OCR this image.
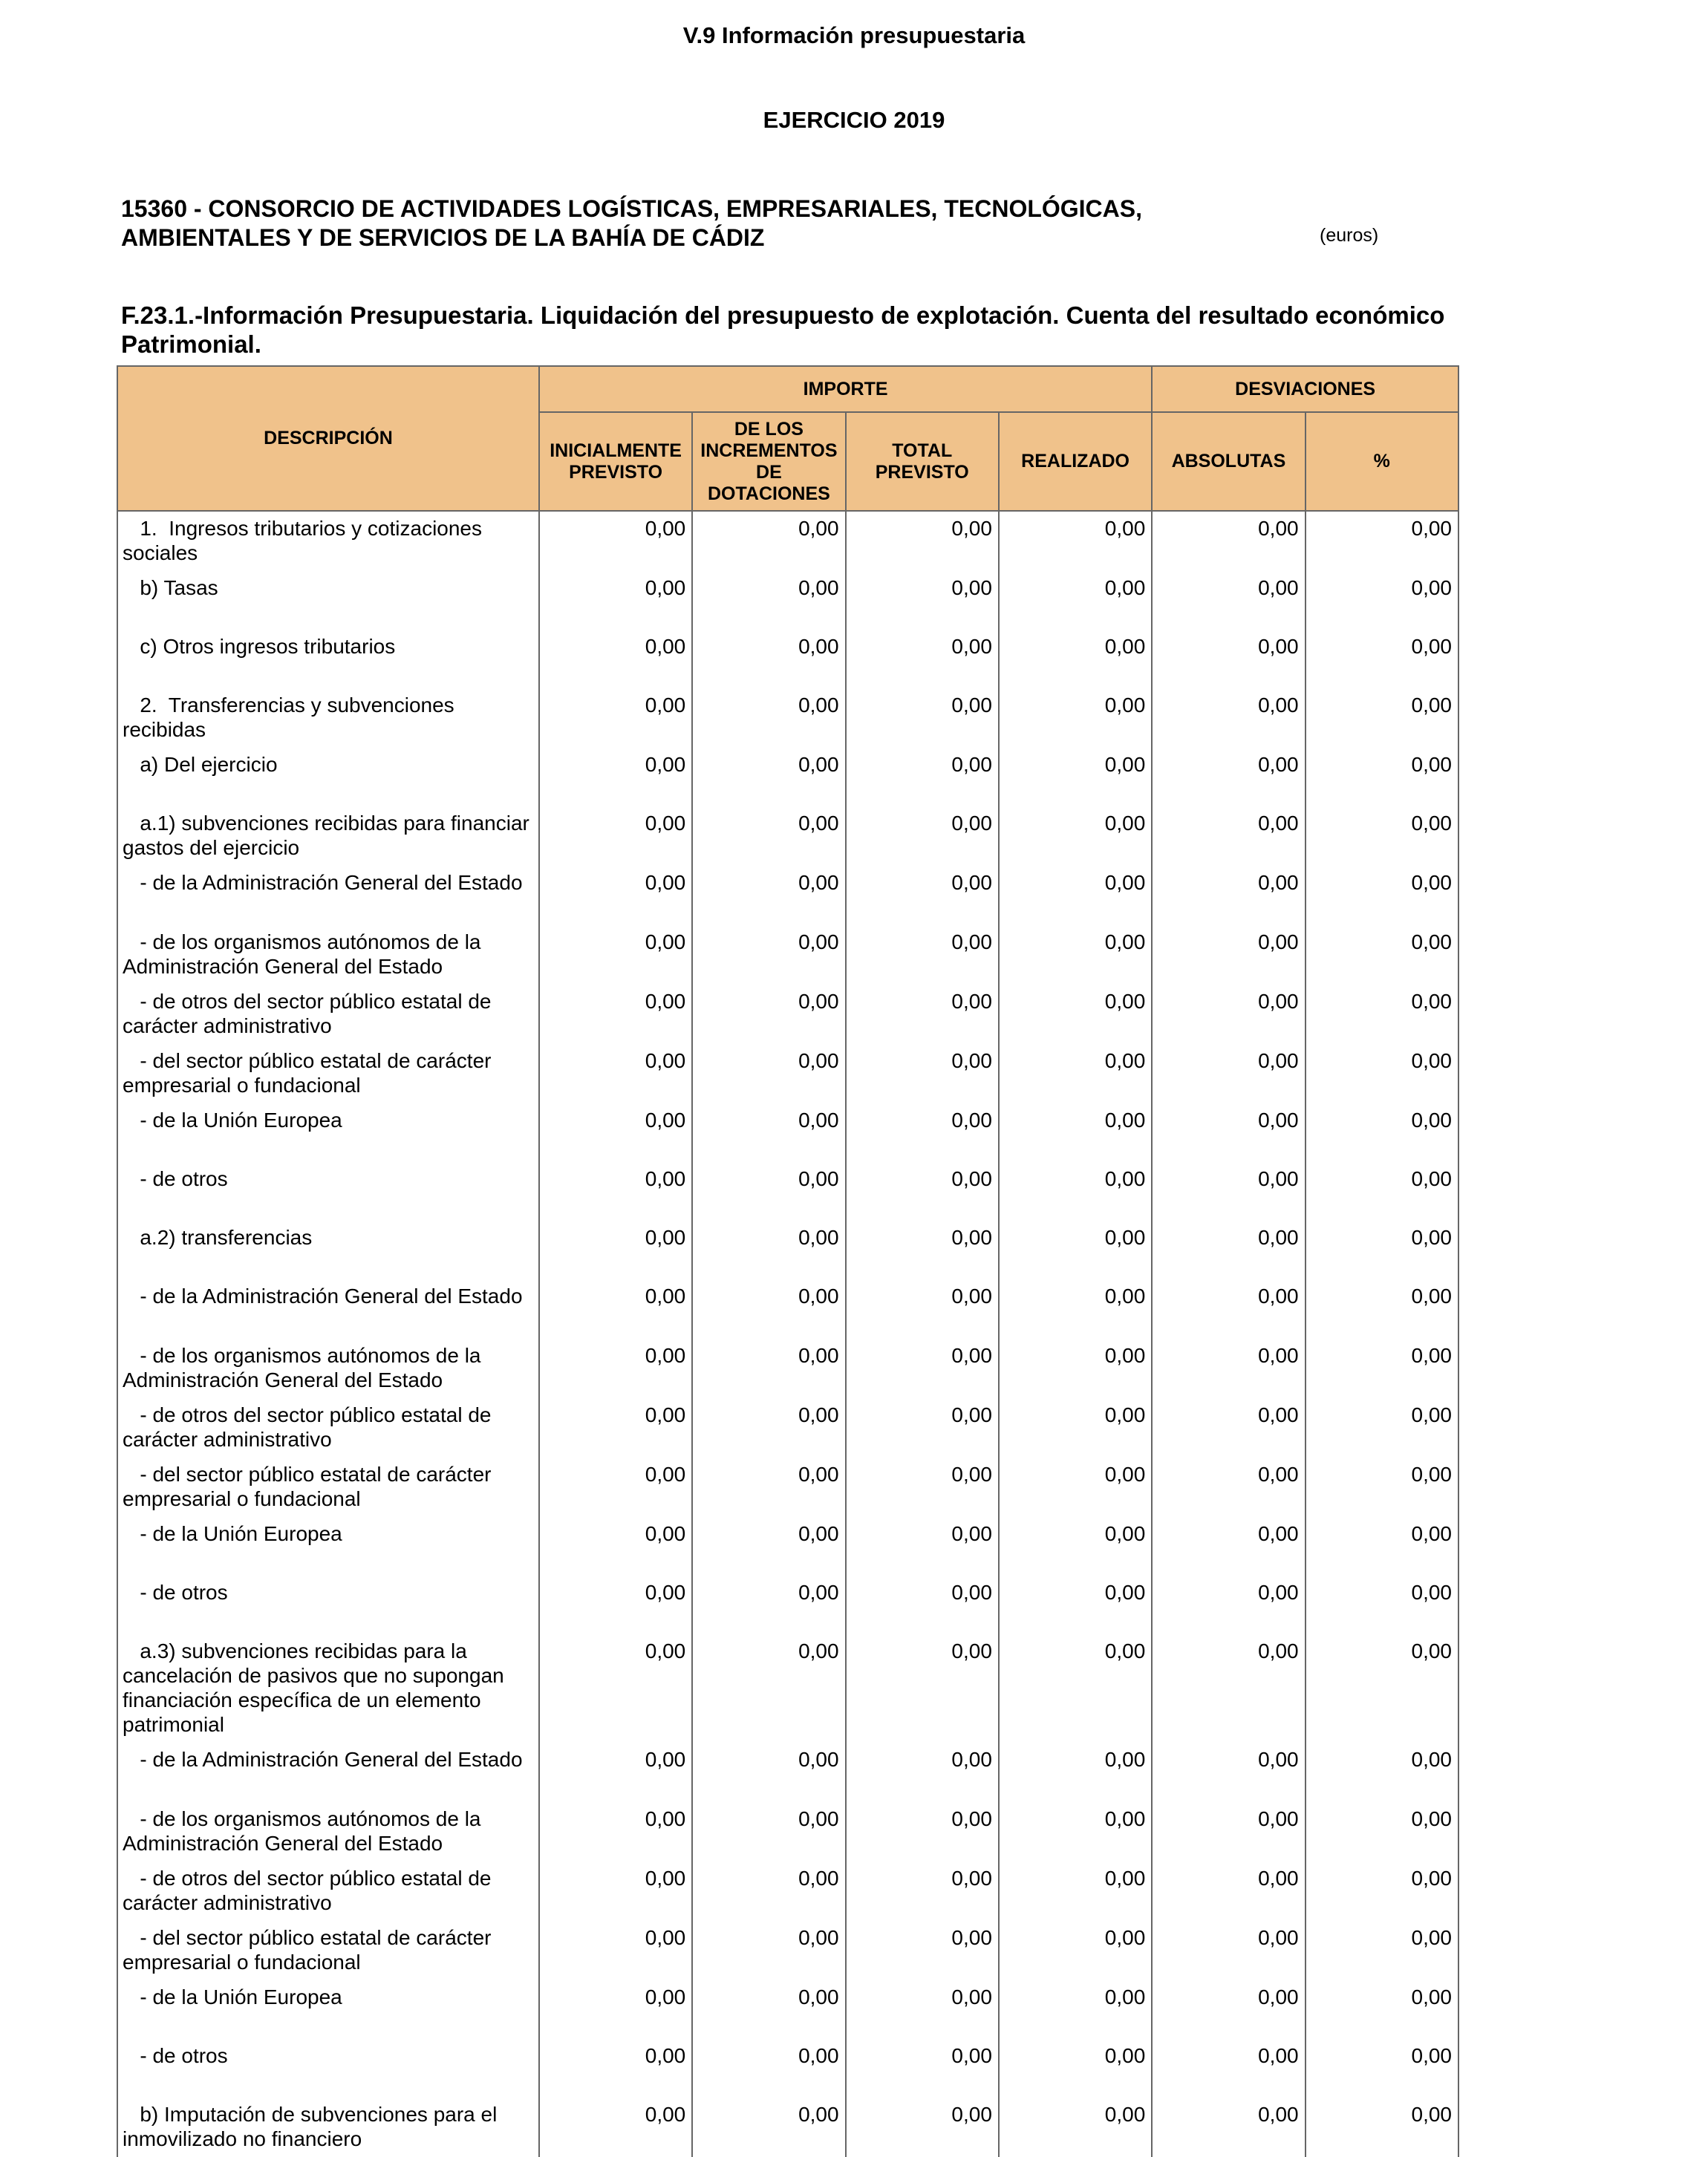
V.9 Información presupuestaria
EJERCICIO 2019
15360 - CONSORCIO DE ACTIVIDADES LOGÍSTICAS, EMPRESARIALES, TECNOLÓGICAS, AMBIENTALES Y DE SERVICIOS DE LA BAHÍA DE CÁDIZ	(euros)
F.23.1.-Información Presupuestaria. Liquidación del presupuesto de explotación. Cuenta del resultado económico Patrimonial.
DESCRIPCIÓN	IMPORTE				DESVIACIONES	
	INICIALMENTE PREVISTO	DE LOS INCREMENTOS DE DOTACIONES	TOTAL PREVISTO	REALIZADO	ABSOLUTAS	%
1.  Ingresos tributarios y cotizaciones sociales	0,00	0,00	0,00	0,00	0,00	0,00
b) Tasas	0,00	0,00	0,00	0,00	0,00	0,00
c) Otros ingresos tributarios	0,00	0,00	0,00	0,00	0,00	0,00
2.  Transferencias y subvenciones recibidas	0,00	0,00	0,00	0,00	0,00	0,00
a) Del ejercicio	0,00	0,00	0,00	0,00	0,00	0,00
a.1) subvenciones recibidas para financiar gastos del ejercicio	0,00	0,00	0,00	0,00	0,00	0,00
- de la Administración General del Estado	0,00	0,00	0,00	0,00	0,00	0,00
- de los organismos autónomos de la Administración General del Estado	0,00	0,00	0,00	0,00	0,00	0,00
- de otros del sector público estatal de carácter administrativo	0,00	0,00	0,00	0,00	0,00	0,00
- del sector público estatal de carácter empresarial o fundacional	0,00	0,00	0,00	0,00	0,00	0,00
- de la Unión Europea	0,00	0,00	0,00	0,00	0,00	0,00
- de otros	0,00	0,00	0,00	0,00	0,00	0,00
a.2) transferencias	0,00	0,00	0,00	0,00	0,00	0,00
- de la Administración General del Estado	0,00	0,00	0,00	0,00	0,00	0,00
- de los organismos autónomos de la Administración General del Estado	0,00	0,00	0,00	0,00	0,00	0,00
- de otros del sector público estatal de carácter administrativo	0,00	0,00	0,00	0,00	0,00	0,00
- del sector público estatal de carácter empresarial o fundacional	0,00	0,00	0,00	0,00	0,00	0,00
- de la Unión Europea	0,00	0,00	0,00	0,00	0,00	0,00
- de otros	0,00	0,00	0,00	0,00	0,00	0,00
a.3) subvenciones recibidas para la cancelación de pasivos que no supongan financiación específica de un elemento patrimonial	0,00	0,00	0,00	0,00	0,00	0,00
- de la Administración General del Estado	0,00	0,00	0,00	0,00	0,00	0,00
- de los organismos autónomos de la Administración General del Estado	0,00	0,00	0,00	0,00	0,00	0,00
- de otros del sector público estatal de carácter administrativo	0,00	0,00	0,00	0,00	0,00	0,00
- del sector público estatal de carácter empresarial o fundacional	0,00	0,00	0,00	0,00	0,00	0,00
- de la Unión Europea	0,00	0,00	0,00	0,00	0,00	0,00
- de otros	0,00	0,00	0,00	0,00	0,00	0,00
b) Imputación de subvenciones para el inmovilizado no financiero	0,00	0,00	0,00	0,00	0,00	0,00
